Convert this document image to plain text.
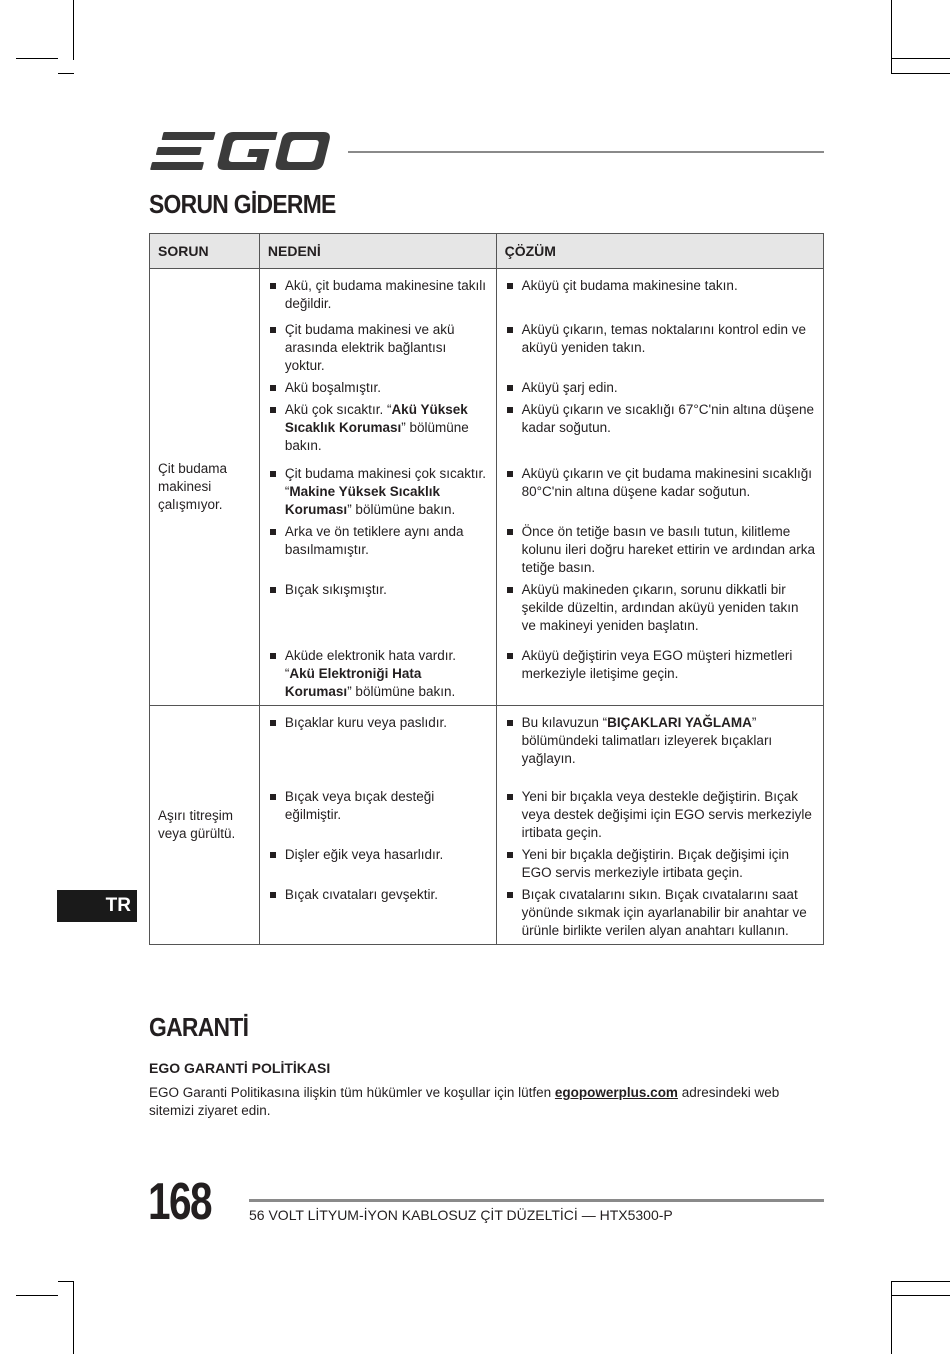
SORUN GİDERME
SORUN	NEDENİ	ÇÖZÜM
Çit budama makinesi çalışmıyor.	Akü, çit budama makinesine takılı değildir.	Aküyü çit budama makinesine takın.

	Çit budama makinesi ve akü arasında elektrik bağlantısı yoktur.	Aküyü çıkarın, temas noktalarını kontrol edin ve aküyü yeniden takın.

	Akü boşalmıştır.	Aküyü şarj edin.

	Akü çok sıcaktır. “Akü Yüksek Sıcaklık Koruması” bölümüne bakın.	Aküyü çıkarın ve sıcaklığı 67°C'nin altına düşene kadar soğutun.

	Çit budama makinesi çok sıcaktır. “Makine Yüksek Sıcaklık Koruması” bölümüne bakın.	Aküyü çıkarın ve çit budama makinesini sıcaklığı 80°C'nin altına düşene kadar soğutun.

	Arka ve ön tetiklere aynı anda basılmamıştır.	Önce ön tetiğe basın ve basılı tutun, kilitleme kolunu ileri doğru hareket ettirin ve ardından arka tetiğe basın.

	Bıçak sıkışmıştır.	Aküyü makineden çıkarın, sorunu dikkatli bir şekilde düzeltin, ardından aküyü yeniden takın ve makineyi yeniden başlatın.

	Aküde elektronik hata vardır. “Akü Elektroniği Hata Koruması” bölümüne bakın.	Aküyü değiştirin veya EGO müşteri hizmetleri merkeziyle iletişime geçin.

Aşırı titreşim veya gürültü.	Bıçaklar kuru veya paslıdır.	Bu kılavuzun “BIÇAKLARI YAĞLAMA” bölümündeki talimatları izleyerek bıçakları yağlayın.

	Bıçak veya bıçak desteği eğilmiştir.	Yeni bir bıçakla veya destekle değiştirin. Bıçak veya destek değişimi için EGO servis merkeziyle irtibata geçin.

	Dişler eğik veya hasarlıdır.	Yeni bir bıçakla değiştirin. Bıçak değişimi için EGO servis merkeziyle irtibata geçin.

	Bıçak cıvataları gevşektir.	Bıçak cıvatalarını sıkın. Bıçak cıvatalarını saat yönünde sıkmak için ayarlanabilir bir anahtar ve ürünle birlikte verilen alyan anahtarı kullanın.
TR
GARANTİ
EGO GARANTİ POLİTİKASI

EGO Garanti Politikasına ilişkin tüm hükümler ve koşullar için lütfen egopowerplus.com adresindeki web sitemizi ziyaret edin.

168	56 VOLT LİTYUM-İYON KABLOSUZ ÇİT DÜZELTİCİ — HTX5300-P
